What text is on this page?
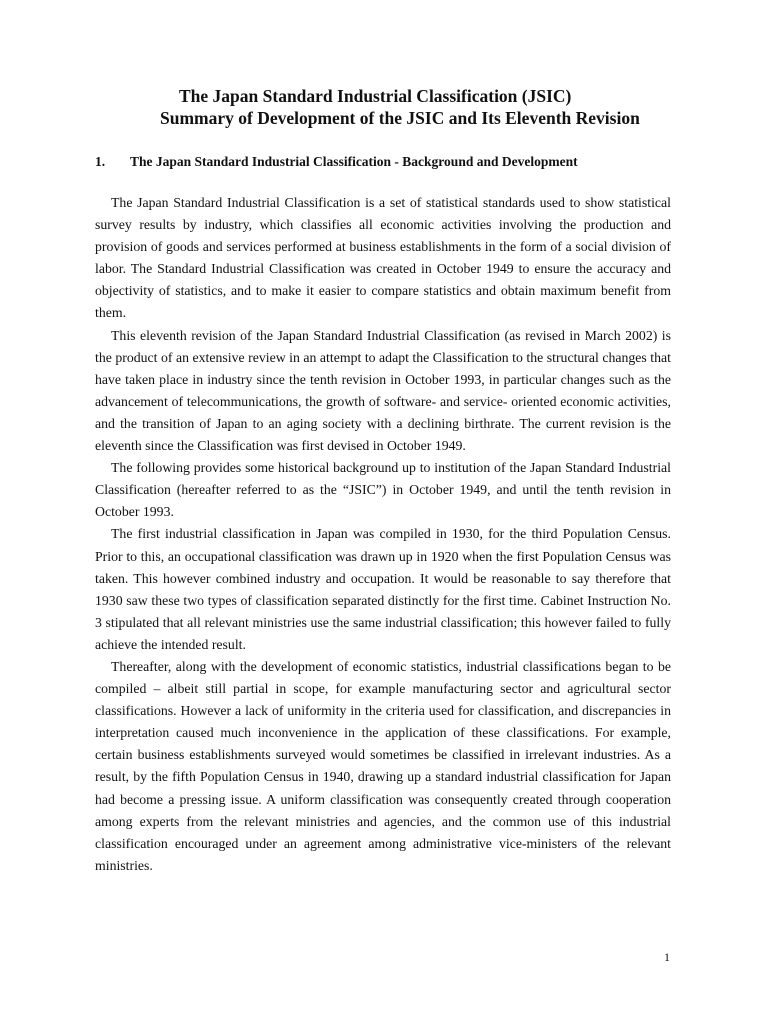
The Japan Standard Industrial Classification (JSIC)
Summary of Development of the JSIC and Its Eleventh Revision
1. The Japan Standard Industrial Classification - Background and Development

The Japan Standard Industrial Classification is a set of statistical standards used to show statistical survey results by industry, which classifies all economic activities involving the production and provision of goods and services performed at business establishments in the form of a social division of labor. The Standard Industrial Classification was created in October 1949 to ensure the accuracy and objectivity of statistics, and to make it easier to compare statistics and obtain maximum benefit from them.

This eleventh revision of the Japan Standard Industrial Classification (as revised in March 2002) is the product of an extensive review in an attempt to adapt the Classification to the structural changes that have taken place in industry since the tenth revision in October 1993, in particular changes such as the advancement of telecommunications, the growth of software- and service- oriented economic activities, and the transition of Japan to an aging society with a declining birthrate. The current revision is the eleventh since the Classification was first devised in October 1949.

The following provides some historical background up to institution of the Japan Standard Industrial Classification (hereafter referred to as the “JSIC”) in October 1949, and until the tenth revision in October 1993.

The first industrial classification in Japan was compiled in 1930, for the third Population Census. Prior to this, an occupational classification was drawn up in 1920 when the first Population Census was taken. This however combined industry and occupation. It would be reasonable to say therefore that 1930 saw these two types of classification separated distinctly for the first time. Cabinet Instruction No. 3 stipulated that all relevant ministries use the same industrial classification; this however failed to fully achieve the intended result.

Thereafter, along with the development of economic statistics, industrial classifications began to be compiled – albeit still partial in scope, for example manufacturing sector and agricultural sector classifications. However a lack of uniformity in the criteria used for classification, and discrepancies in interpretation caused much inconvenience in the application of these classifications. For example, certain business establishments surveyed would sometimes be classified in irrelevant industries. As a result, by the fifth Population Census in 1940, drawing up a standard industrial classification for Japan had become a pressing issue. A uniform classification was consequently created through cooperation among experts from the relevant ministries and agencies, and the common use of this industrial classification encouraged under an agreement among administrative vice-ministers of the relevant ministries.

1
